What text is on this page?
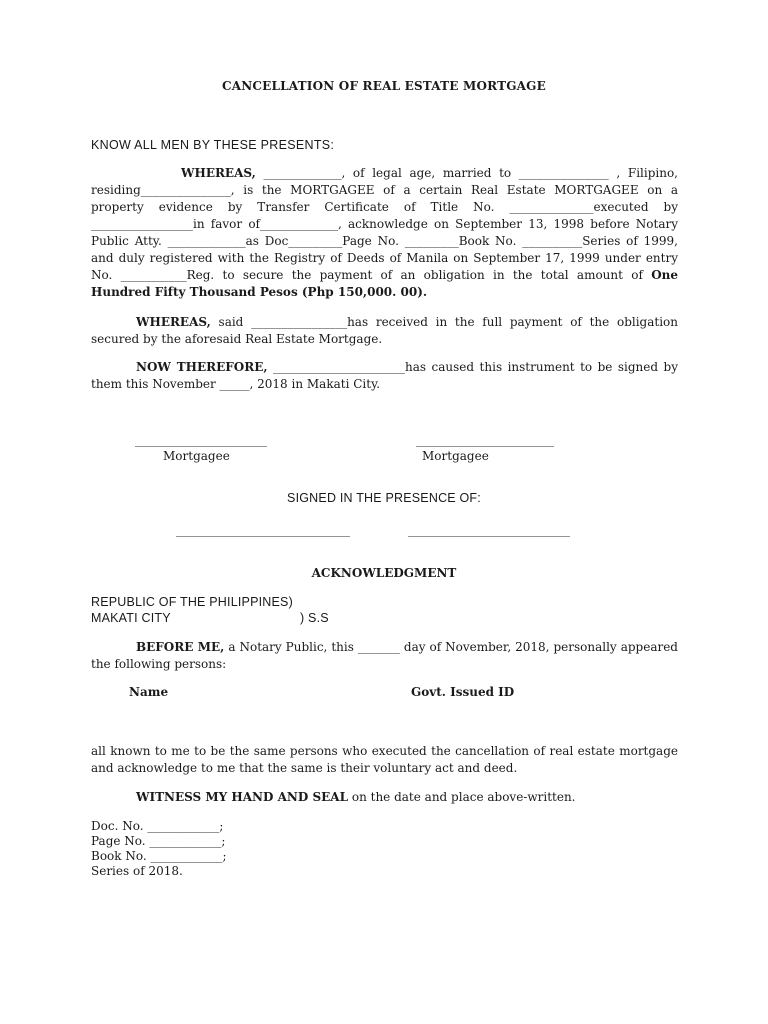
CANCELLATION OF REAL ESTATE MORTGAGE
KNOW ALL MEN BY THESE PRESENTS:
WHEREAS, _____________, of legal age, married to _______________ , Filipino,
residing_______________, is the MORTGAGEE of a certain Real Estate MORTGAGEE on a
property evidence by Transfer Certificate of Title No. ______________executed by
_________________in favor of_____________, acknowledge on September 13, 1998 before Notary
Public Atty. _____________as Doc_________Page No. _________Book No. __________Series of 1999,
and duly registered with the Registry of Deeds of Manila on September 17, 1999 under entry
No. ___________Reg. to secure the payment of an obligation in the total amount of One
Hundred Fifty Thousand Pesos (Php 150,000. 00).
WHEREAS, said ________________has received in the full payment of the obligation
secured by the aforesaid Real Estate Mortgage.
NOW THEREFORE, ______________________has caused this instrument to be signed by
them this November _____, 2018 in Makati City.
______________________
Mortgagee
_______________________
Mortgagee
SIGNED IN THE PRESENCE OF:
_____________________________	___________________________
ACKNOWLEDGMENT
REPUBLIC OF THE PHILIPPINES)
MAKATI CITY	) S.S
BEFORE ME, a Notary Public, this _______ day of November, 2018, personally appeared
the following persons:
Name	Govt. Issued ID
all known to me to be the same persons who executed the cancellation of real estate mortgage
and acknowledge to me that the same is their voluntary act and deed.
WITNESS MY HAND AND SEAL on the date and place above-written.
Doc. No. ____________;
Page No. ____________;
Book No. ____________;
Series of 2018.
